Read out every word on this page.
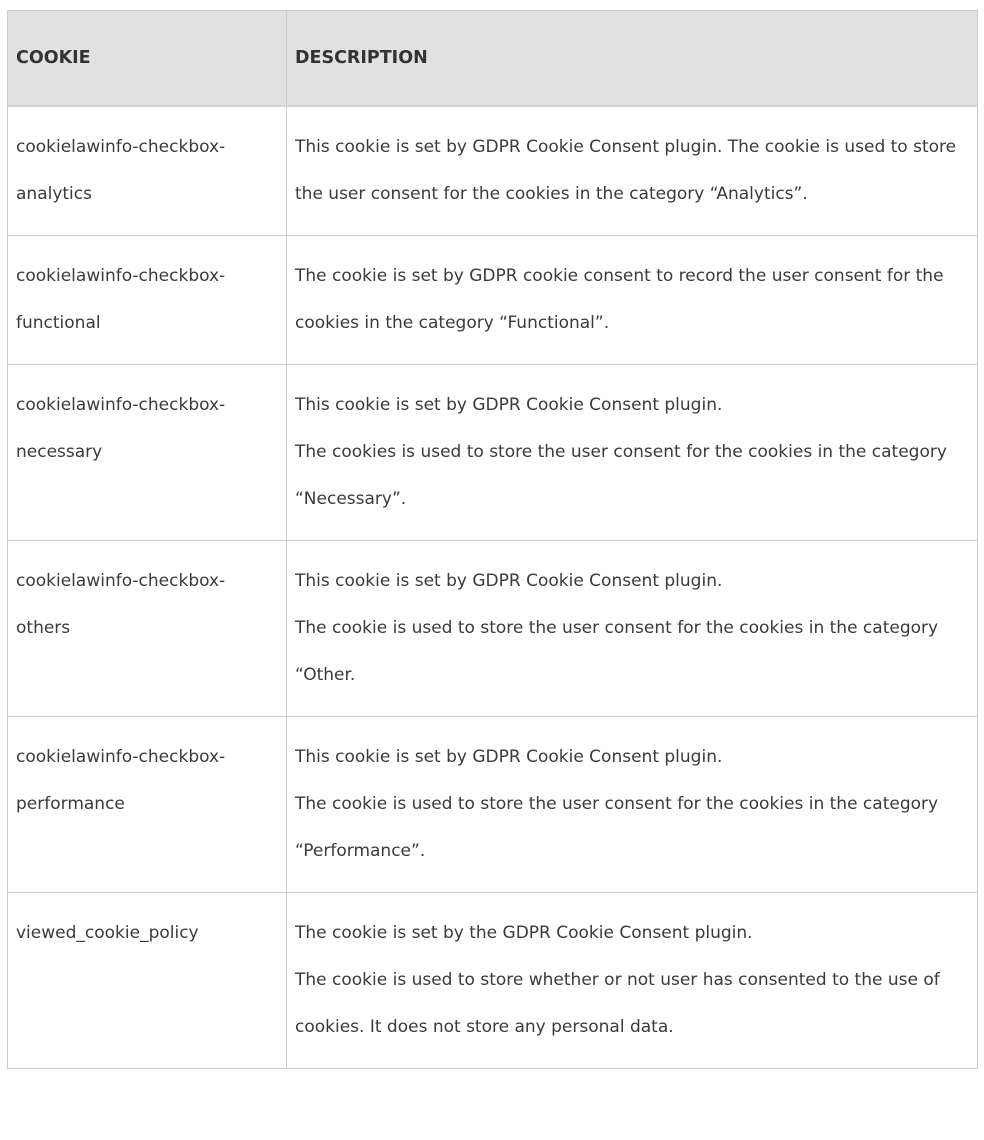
COOKIE	DESCRIPTION

cookielawinfo-checkbox-
analytics	This cookie is set by GDPR Cookie Consent plugin. The cookie is used to store the user consent for the cookies in the category “Analytics”.

cookielawinfo-checkbox-
functional	The cookie is set by GDPR cookie consent to record the user consent for the cookies in the category “Functional”.

cookielawinfo-checkbox-
necessary	This cookie is set by GDPR Cookie Consent plugin.
The cookies is used to store the user consent for the cookies in the category “Necessary”.

cookielawinfo-checkbox-
others	This cookie is set by GDPR Cookie Consent plugin.
The cookie is used to store the user consent for the cookies in the category “Other.

cookielawinfo-checkbox-
performance	This cookie is set by GDPR Cookie Consent plugin.
The cookie is used to store the user consent for the cookies in the category “Performance”.

viewed_cookie_policy	The cookie is set by the GDPR Cookie Consent plugin.
The cookie is used to store whether or not user has consented to the use of cookies. It does not store any personal data.
